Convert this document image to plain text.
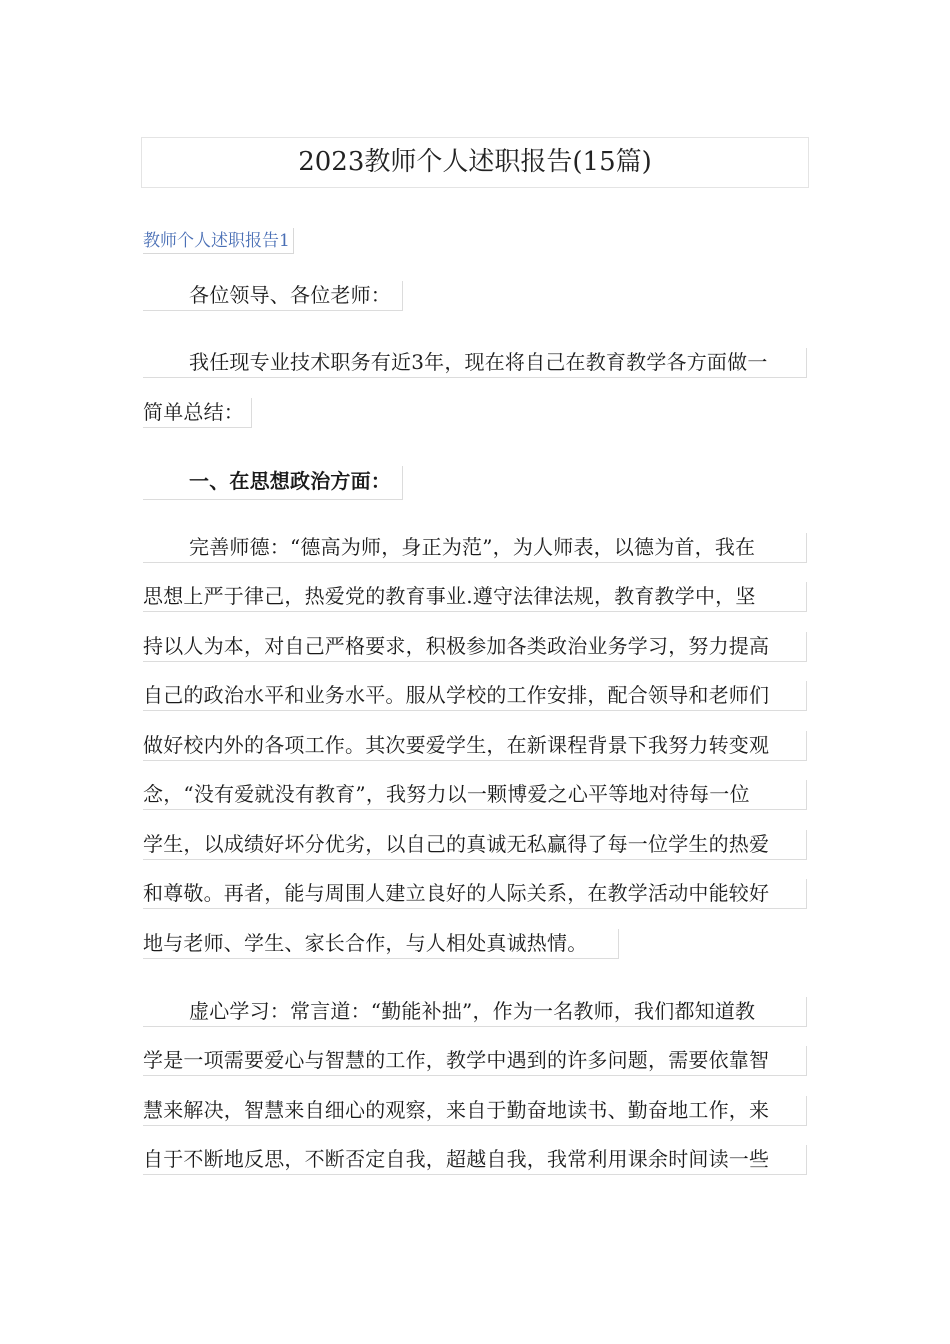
2023教师个人述职报告(15篇)
教师个人述职报告1
各位领导、各位老师：
我任现专业技术职务有近3年，现在将自己在教育教学各方面做一
简单总结：
一、在思想政治方面：
完善师德：“德高为师，身正为范”，为人师表，以德为首，我在
思想上严于律己，热爱党的教育事业.遵守法律法规，教育教学中，坚
持以人为本，对自己严格要求，积极参加各类政治业务学习，努力提高
自己的政治水平和业务水平。服从学校的工作安排，配合领导和老师们
做好校内外的各项工作。其次要爱学生，在新课程背景下我努力转变观
念，“没有爱就没有教育”，我努力以一颗博爱之心平等地对待每一位
学生，以成绩好坏分优劣，以自己的真诚无私赢得了每一位学生的热爱
和尊敬。再者，能与周围人建立良好的人际关系，在教学活动中能较好
地与老师、学生、家长合作，与人相处真诚热情。
虚心学习：常言道：“勤能补拙”，作为一名教师，我们都知道教
学是一项需要爱心与智慧的工作，教学中遇到的许多问题，需要依靠智
慧来解决，智慧来自细心的观察，来自于勤奋地读书、勤奋地工作，来
自于不断地反思，不断否定自我，超越自我，我常利用课余时间读一些
